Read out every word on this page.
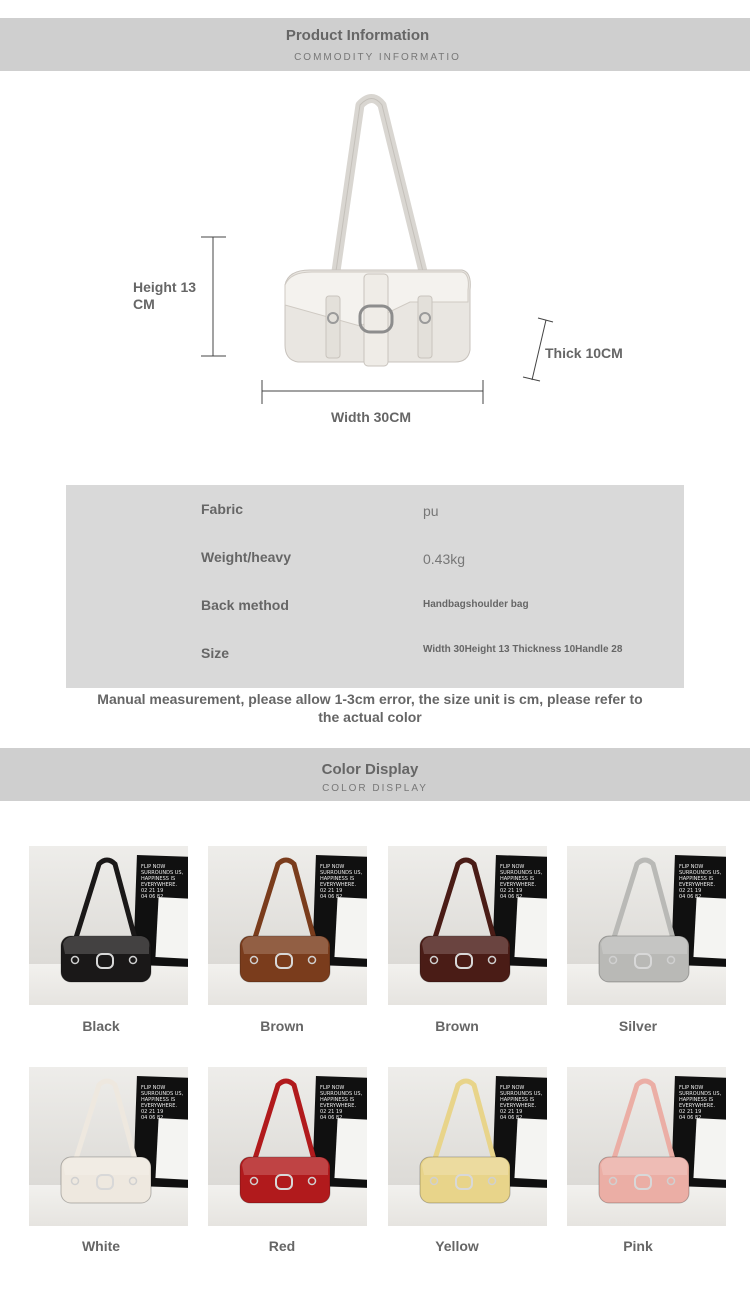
Product Information
COMMODITY INFORMATIO
Height 13
CM
Width 30CM
Thick 10CM
Fabric	pu
Weight/heavy	0.43kg
Back method	Handbagshoulder bag
Size	Width 30Height 13 Thickness 10Handle 28
Manual measurement, please allow 1-3cm error, the size unit is cm, please refer to the actual color
Color Display
COLOR DISPLAY
FLIP NOW
SURROUNDS US,
HAPPINESS IS
EVERYWHERE.
02 21 19
04 06 82
Black
FLIP NOW
SURROUNDS US,
HAPPINESS IS
EVERYWHERE.
02 21 19
04 06 82
Brown
FLIP NOW
SURROUNDS US,
HAPPINESS IS
EVERYWHERE.
02 21 19
04 06 82
Brown
FLIP NOW
SURROUNDS US,
HAPPINESS IS
EVERYWHERE.
02 21 19
04 06 82
Silver
FLIP NOW
SURROUNDS US,
HAPPINESS IS
EVERYWHERE.
02 21 19
04 06 82
White
FLIP NOW
SURROUNDS US,
HAPPINESS IS
EVERYWHERE.
02 21 19
04 06 82
Red
FLIP NOW
SURROUNDS US,
HAPPINESS IS
EVERYWHERE.
02 21 19
04 06 82
Yellow
FLIP NOW
SURROUNDS US,
HAPPINESS IS
EVERYWHERE.
02 21 19
04 06 82
Pink
